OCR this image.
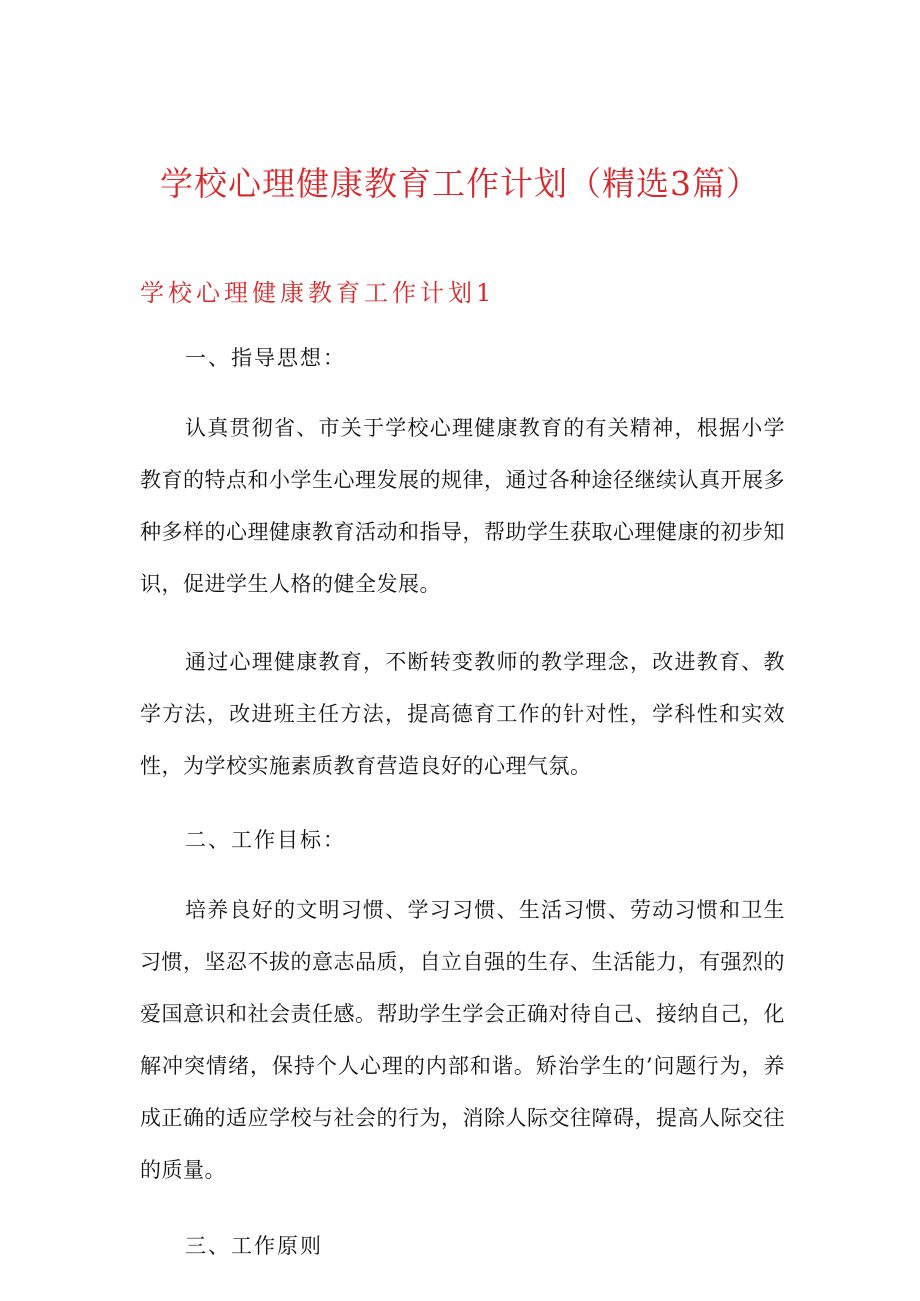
学校心理健康教育工作计划（精选3篇）
学校心理健康教育工作计划1

一、指导思想：

认真贯彻省、市关于学校心理健康教育的有关精神，根据小学教育的特点和小学生心理发展的规律，通过各种途径继续认真开展多种多样的心理健康教育活动和指导，帮助学生获取心理健康的初步知识，促进学生人格的健全发展。

通过心理健康教育，不断转变教师的教学理念，改进教育、教学方法，改进班主任方法，提高德育工作的针对性，学科性和实效性，为学校实施素质教育营造良好的心理气氛。

二、工作目标：

培养良好的文明习惯、学习习惯、生活习惯、劳动习惯和卫生习惯，坚忍不拔的意志品质，自立自强的生存、生活能力，有强烈的爱国意识和社会责任感。帮助学生学会正确对待自己、接纳自己，化解冲突情绪，保持个人心理的内部和谐。矫治学生的’问题行为，养成正确的适应学校与社会的行为，消除人际交往障碍，提高人际交往的质量。

三、工作原则
